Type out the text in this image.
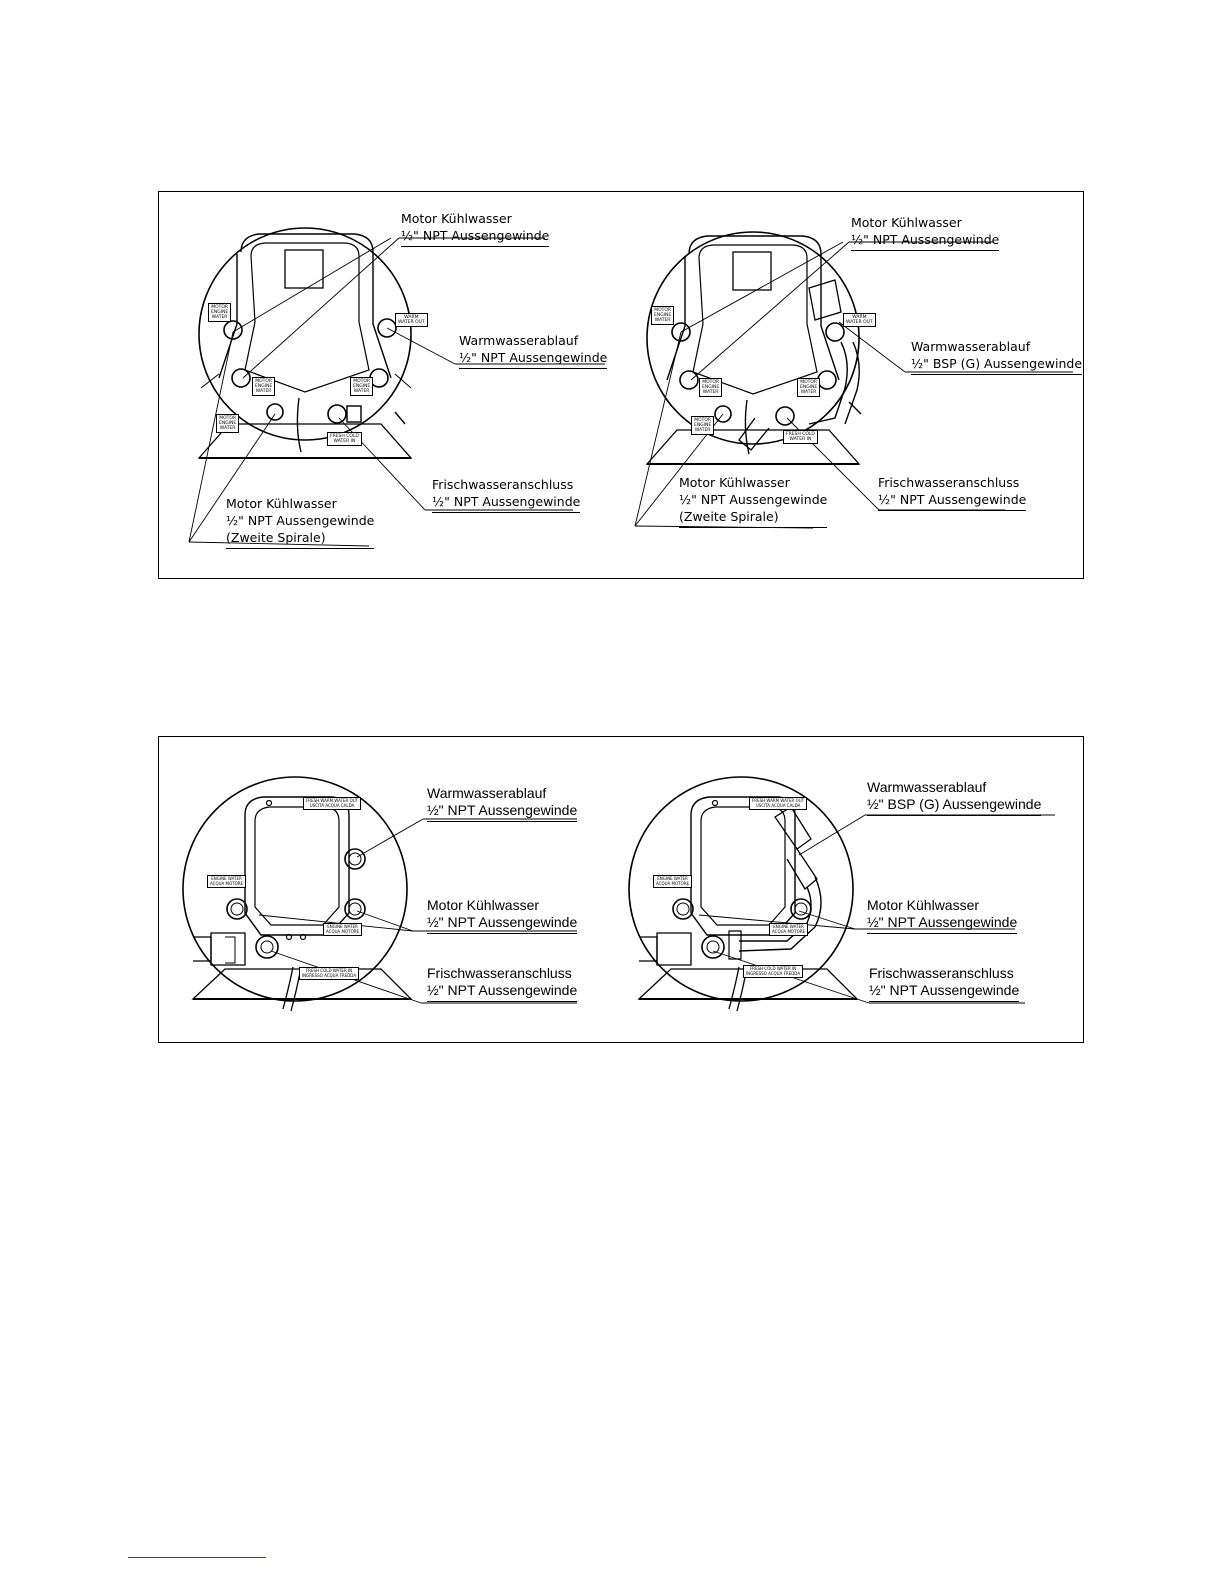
Motor Kühlwasser

½" NPT Aussengewinde
Warmwasserablauf

½" NPT Aussengewinde
Frischwasseranschluss

½" NPT Aussengewinde
Motor Kühlwasser
½" NPT Aussengewinde

(Zweite Spirale)
MOTOR
ENGINE
WATER	WARM
WATER OUT
MOTOR
ENGINE
WATER
MOTOR
ENGINE
WATER
MOTOR
ENGINE
WATER
FRESH COLD
WATER IN
Motor Kühlwasser

½" NPT Aussengewinde
Warmwasserablauf

½" BSP (G) Aussengewinde
Frischwasseranschluss

½" NPT Aussengewinde
Motor Kühlwasser
½" NPT Aussengewinde

(Zweite Spirale)
MOTOR
ENGINE
WATER
WARM
WATER OUT
MOTOR
ENGINE
WATER
MOTOR
ENGINE
WATER
MOTOR
ENGINE
WATER
FRESH COLD
WATER IN
Warmwasserablauf

½" NPT Aussengewinde
Motor Kühlwasser

½" NPT Aussengewinde
Frischwasseranschluss

½" NPT Aussengewinde
FRESH WARM WATER OUT
USCITA ACQUA CALDA
ENGINE WATER
ACQUA MOTORE
ENGINE WATER
ACQUA MOTORE
FRESH COLD WATER IN
INGRESSO ACQUA FREDDA
Warmwasserablauf

½" BSP (G) Aussengewinde
Motor Kühlwasser

½" NPT Aussengewinde
Frischwasseranschluss

½" NPT Aussengewinde
FRESH WARM WATER OUT
USCITA ACQUA CALDA
ENGINE WATER
ACQUA MOTORE
ENGINE WATER
ACQUA MOTORE
FRESH COLD WATER IN
INGRESSO ACQUA FREDDA
